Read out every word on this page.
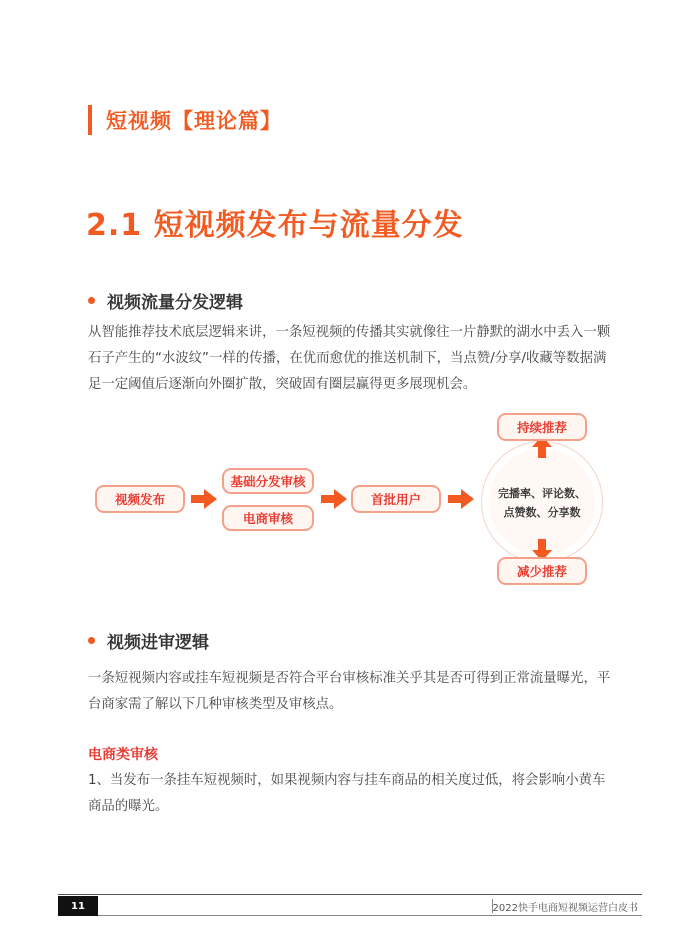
短视频【理论篇】
2.1 短视频发布与流量分发
视频流量分发逻辑
从智能推荐技术底层逻辑来讲，一条短视频的传播其实就像往一片静默的湖水中丢入一颗石子产生的“水波纹”一样的传播，在优而愈优的推送机制下，当点赞/分享/收藏等数据满足一定阈值后逐渐向外圈扩散，突破固有圈层赢得更多展现机会。
视频发布
基础分发审核
电商审核
首批用户	完播率、评论数、
点赞数、分享数
持续推荐
减少推荐
视频进审逻辑
一条短视频内容或挂车短视频是否符合平台审核标准关乎其是否可得到正常流量曝光，平台商家需了解以下几种审核类型及审核点。
电商类审核
1、当发布一条挂车短视频时，如果视频内容与挂车商品的相关度过低，将会影响小黄车商品的曝光。
11	2022快手电商短视频运营白皮书
